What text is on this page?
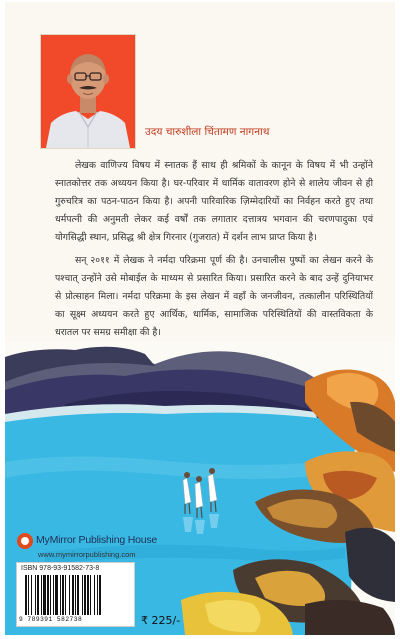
उदय चारुशीला चिंतामण नागनाथ

लेखक वाणिज्य विषय में स्नातक हैं साथ ही श्रमिकों के कानून के विषय में भी उन्होंने स्नातकोत्तर तक अध्ययन किया है। घर-परिवार में धार्मिक वातावरण होने से शालेय जीवन से ही गुरुचरित्र का पठन-पाठन किया है। अपनी पारिवारिक ज़िम्मेदारियों का निर्वहन करते हुए तथा धर्मपत्नी की अनुमती लेकर कई वर्षों तक लगातार दत्तात्रय भगवान की चरणपादुका एवं योगसिद्धी स्थान, प्रसिद्ध श्री क्षेत्र गिरनार (गुजरात) में दर्शन लाभ प्राप्त किया है।

सन् २०११ में लेखक ने नर्मदा परिक्रमा पूर्ण की है। उनचालीस पुष्पों का लेखन करने के पश्चात् उन्होंने उसे मोबाईल के माध्यम से प्रसारित किया। प्रसारित करने के बाद उन्हें दुनियाभर से प्रोत्साहन मिला। नर्मदा परिक्रमा के इस लेखन में वहाँ के जनजीवन, तत्कालीन परिस्थितियों का सूक्ष्म अध्ययन करते हुए आर्थिक, धार्मिक, सामाजिक परिस्थितियों की वास्तविकता के धरातल पर समग्र समीक्षा की है।

MyMirror Publishing House
www.mymirrorpublishing.com
ISBN 978-93-91582-73-8
9 789391 582738	₹ 225/-
